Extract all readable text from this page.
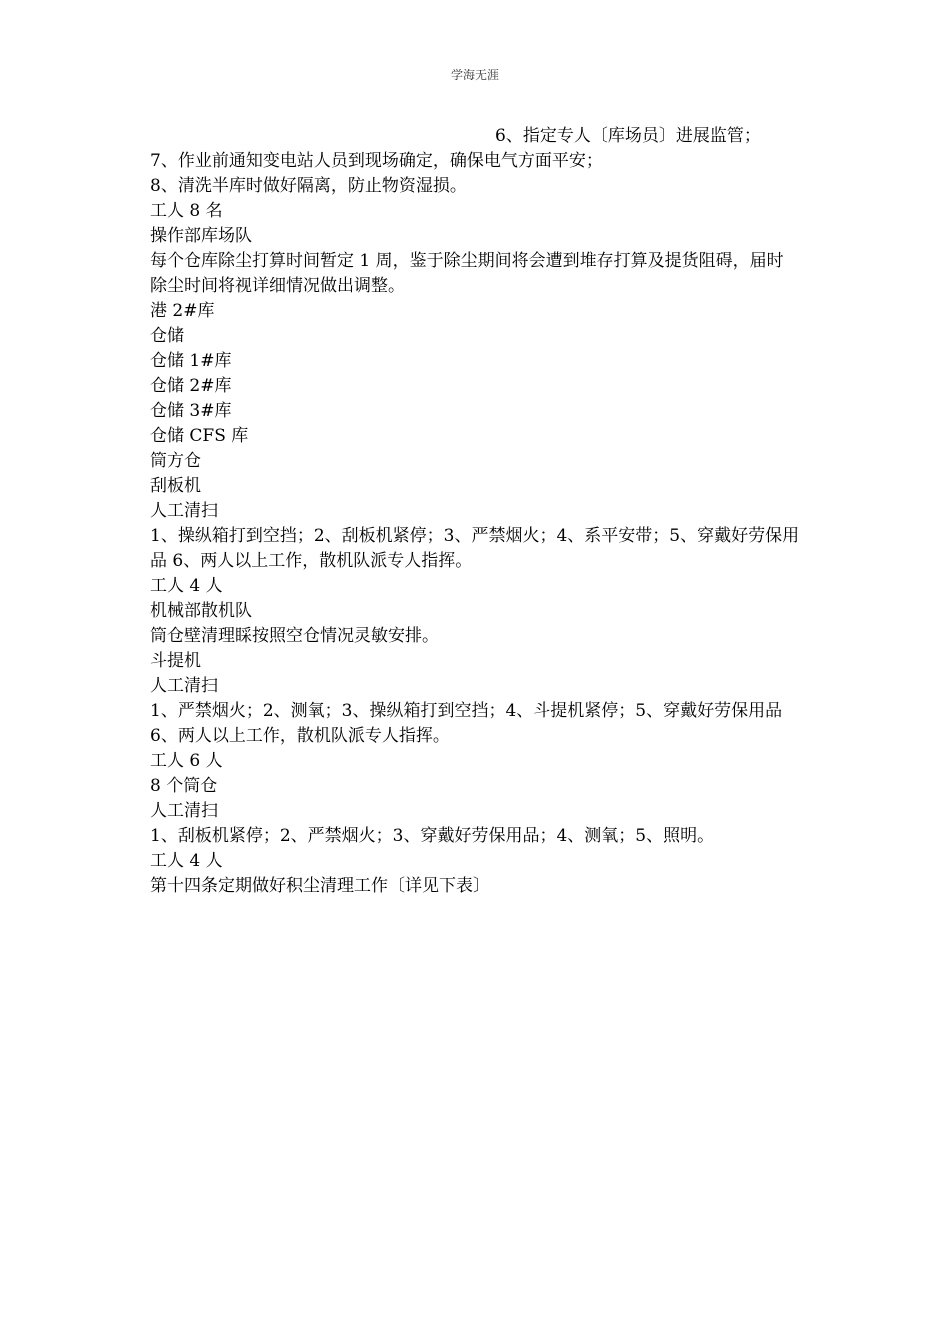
学海无涯

6、指定专人〔库场员〕进展监管；

7、作业前通知变电站人员到现场确定，确保电气方面平安；

8、清洗半库时做好隔离，防止物资湿损。

工人 8 名

操作部库场队

每个仓库除尘打算时间暂定 1 周，鉴于除尘期间将会遭到堆存打算及提货阻碍，届时除尘时间将视详细情况做出调整。

港 2#库

仓储

仓储 1#库

仓储 2#库

仓储 3#库

仓储 CFS 库

筒方仓

刮板机

人工清扫

1、操纵箱打到空挡；2、刮板机紧停；3、严禁烟火；4、系平安带；5、穿戴好劳保用品 6、两人以上工作，散机队派专人指挥。

工人 4 人

机械部散机队

筒仓壁清理睬按照空仓情况灵敏安排。

斗提机

人工清扫

1、严禁烟火；2、测氧；3、操纵箱打到空挡；4、斗提机紧停；5、穿戴好劳保用品 6、两人以上工作，散机队派专人指挥。

工人 6 人

8 个筒仓

人工清扫

1、刮板机紧停；2、严禁烟火；3、穿戴好劳保用品；4、测氧；5、照明。

工人 4 人

第十四条定期做好积尘清理工作〔详见下表〕
